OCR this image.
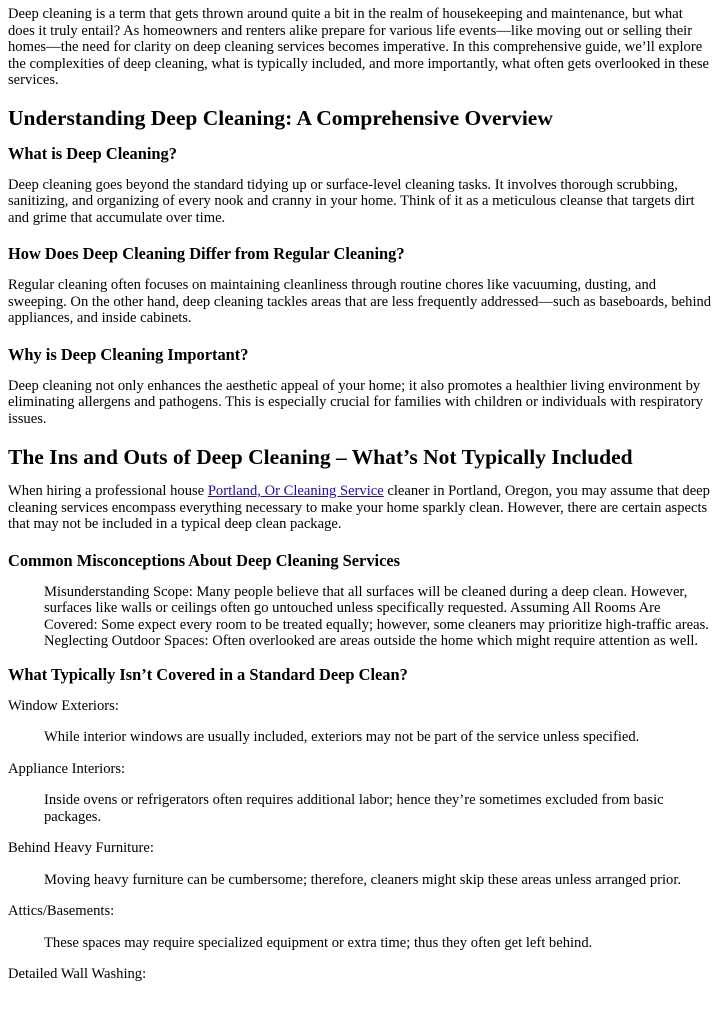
Deep cleaning is a term that gets thrown around quite a bit in the realm of housekeeping and maintenance, but what does it truly entail? As homeowners and renters alike prepare for various life events—like moving out or selling their homes—the need for clarity on deep cleaning services becomes imperative. In this comprehensive guide, we’ll explore the complexities of deep cleaning, what is typically included, and more importantly, what often gets overlooked in these services.

Understanding Deep Cleaning: A Comprehensive Overview
What is Deep Cleaning?

Deep cleaning goes beyond the standard tidying up or surface-level cleaning tasks. It involves thorough scrubbing, sanitizing, and organizing of every nook and cranny in your home. Think of it as a meticulous cleanse that targets dirt and grime that accumulate over time.

How Does Deep Cleaning Differ from Regular Cleaning?

Regular cleaning often focuses on maintaining cleanliness through routine chores like vacuuming, dusting, and sweeping. On the other hand, deep cleaning tackles areas that are less frequently addressed—such as baseboards, behind appliances, and inside cabinets.

Why is Deep Cleaning Important?

Deep cleaning not only enhances the aesthetic appeal of your home; it also promotes a healthier living environment by eliminating allergens and pathogens. This is especially crucial for families with children or individuals with respiratory issues.

The Ins and Outs of Deep Cleaning – What’s Not Typically Included

When hiring a professional house Portland, Or Cleaning Service cleaner in Portland, Oregon, you may assume that deep cleaning services encompass everything necessary to make your home sparkly clean. However, there are certain aspects that may not be included in a typical deep clean package.

Common Misconceptions About Deep Cleaning Services
Misunderstanding Scope: Many people believe that all surfaces will be cleaned during a deep clean. However, surfaces like walls or ceilings often go untouched unless specifically requested. Assuming All Rooms Are Covered: Some expect every room to be treated equally; however, some cleaners may prioritize high-traffic areas. Neglecting Outdoor Spaces: Often overlooked are areas outside the home which might require attention as well.
What Typically Isn’t Covered in a Standard Deep Clean?

Window Exteriors:

While interior windows are usually included, exteriors may not be part of the service unless specified.

Appliance Interiors:

Inside ovens or refrigerators often requires additional labor; hence they’re sometimes excluded from basic packages.

Behind Heavy Furniture:

Moving heavy furniture can be cumbersome; therefore, cleaners might skip these areas unless arranged prior.

Attics/Basements:

These spaces may require specialized equipment or extra time; thus they often get left behind.

Detailed Wall Washing:
